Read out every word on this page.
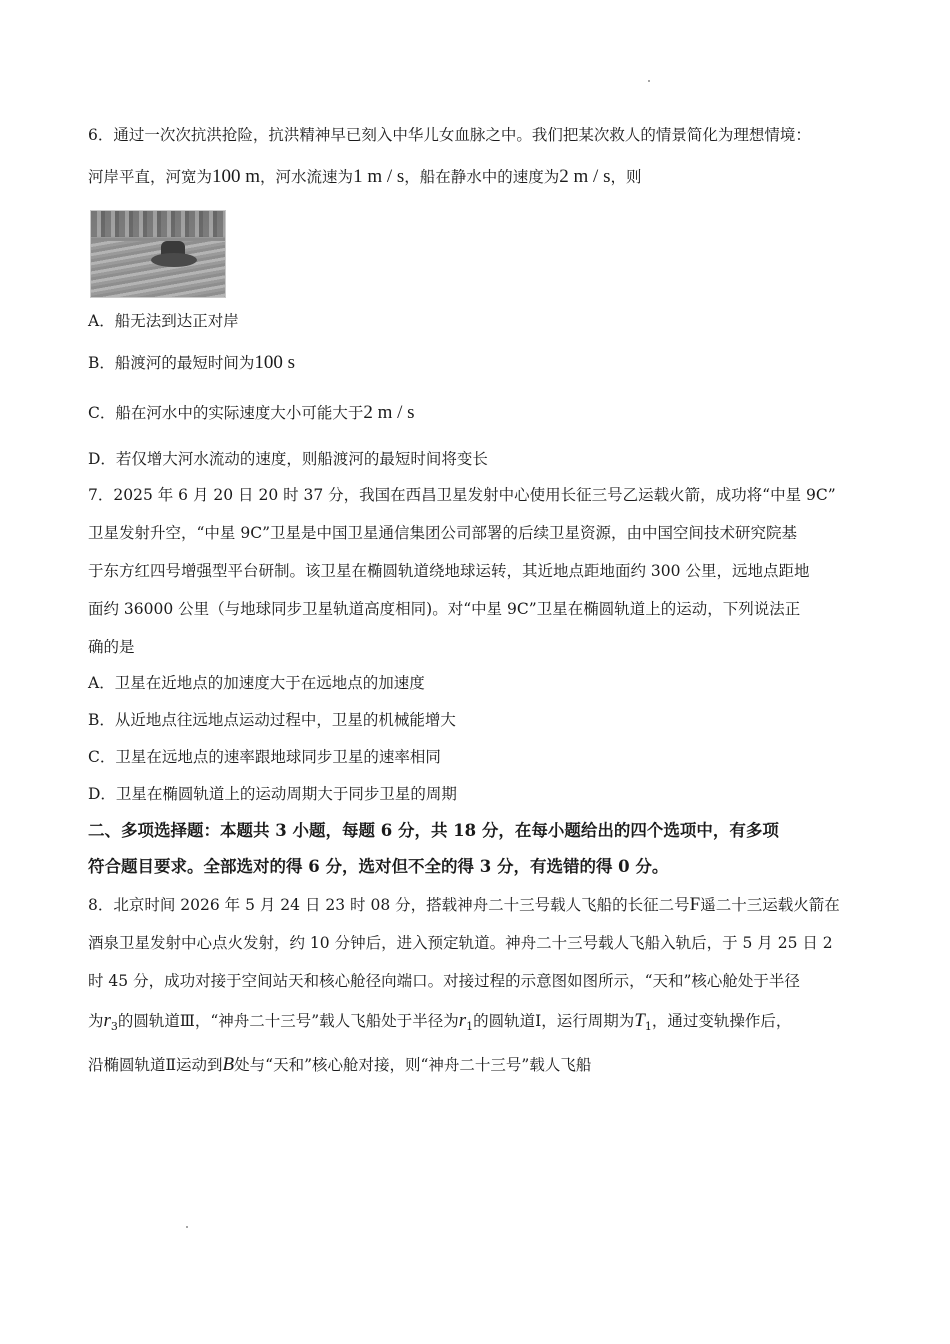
6．通过一次次抗洪抢险，抗洪精神早已刻入中华儿女血脉之中。我们把某次救人的情景简化为理想情境：
河岸平直，河宽为100 m，河水流速为1 m / s，船在静水中的速度为2 m / s，则
A．船无法到达正对岸
B．船渡河的最短时间为100 s
C．船在河水中的实际速度大小可能大于2 m / s
D．若仅增大河水流动的速度，则船渡河的最短时间将变长
7．2025 年 6 月 20 日 20 时 37 分，我国在西昌卫星发射中心使用长征三号乙运载火箭，成功将“中星 9C”
卫星发射升空，“中星 9C”卫星是中国卫星通信集团公司部署的后续卫星资源，由中国空间技术研究院基
于东方红四号增强型平台研制。该卫星在椭圆轨道绕地球运转，其近地点距地面约 300 公里，远地点距地
面约 36000 公里（与地球同步卫星轨道高度相同)。对“中星 9C”卫星在椭圆轨道上的运动，下列说法正
确的是
A．卫星在近地点的加速度大于在远地点的加速度
B．从近地点往远地点运动过程中，卫星的机械能增大
C．卫星在远地点的速率跟地球同步卫星的速率相同
D．卫星在椭圆轨道上的运动周期大于同步卫星的周期
二、多项选择题：本题共 3 小题，每题 6 分，共 18 分，在每小题给出的四个选项中，有多项
符合题目要求。全部选对的得 6 分，选对但不全的得 3 分，有选错的得 0 分。
8．北京时间 2026 年 5 月 24 日 23 时 08 分，搭载神舟二十三号载人飞船的长征二号F遥二十三运载火箭在
酒泉卫星发射中心点火发射，约 10 分钟后，进入预定轨道。神舟二十三号载人飞船入轨后，于 5 月 25 日 2
时 45 分，成功对接于空间站天和核心舱径向端口。对接过程的示意图如图所示，“天和”核心舱处于半径
为$r_3$的圆轨道Ⅲ，“神舟二十三号”载人飞船处于半径为$r_1$的圆轨道Ⅰ，运行周期为$T_1$，通过变轨操作后，
沿椭圆轨道Ⅱ运动到B处与“天和”核心舱对接，则“神舟二十三号”载人飞船
